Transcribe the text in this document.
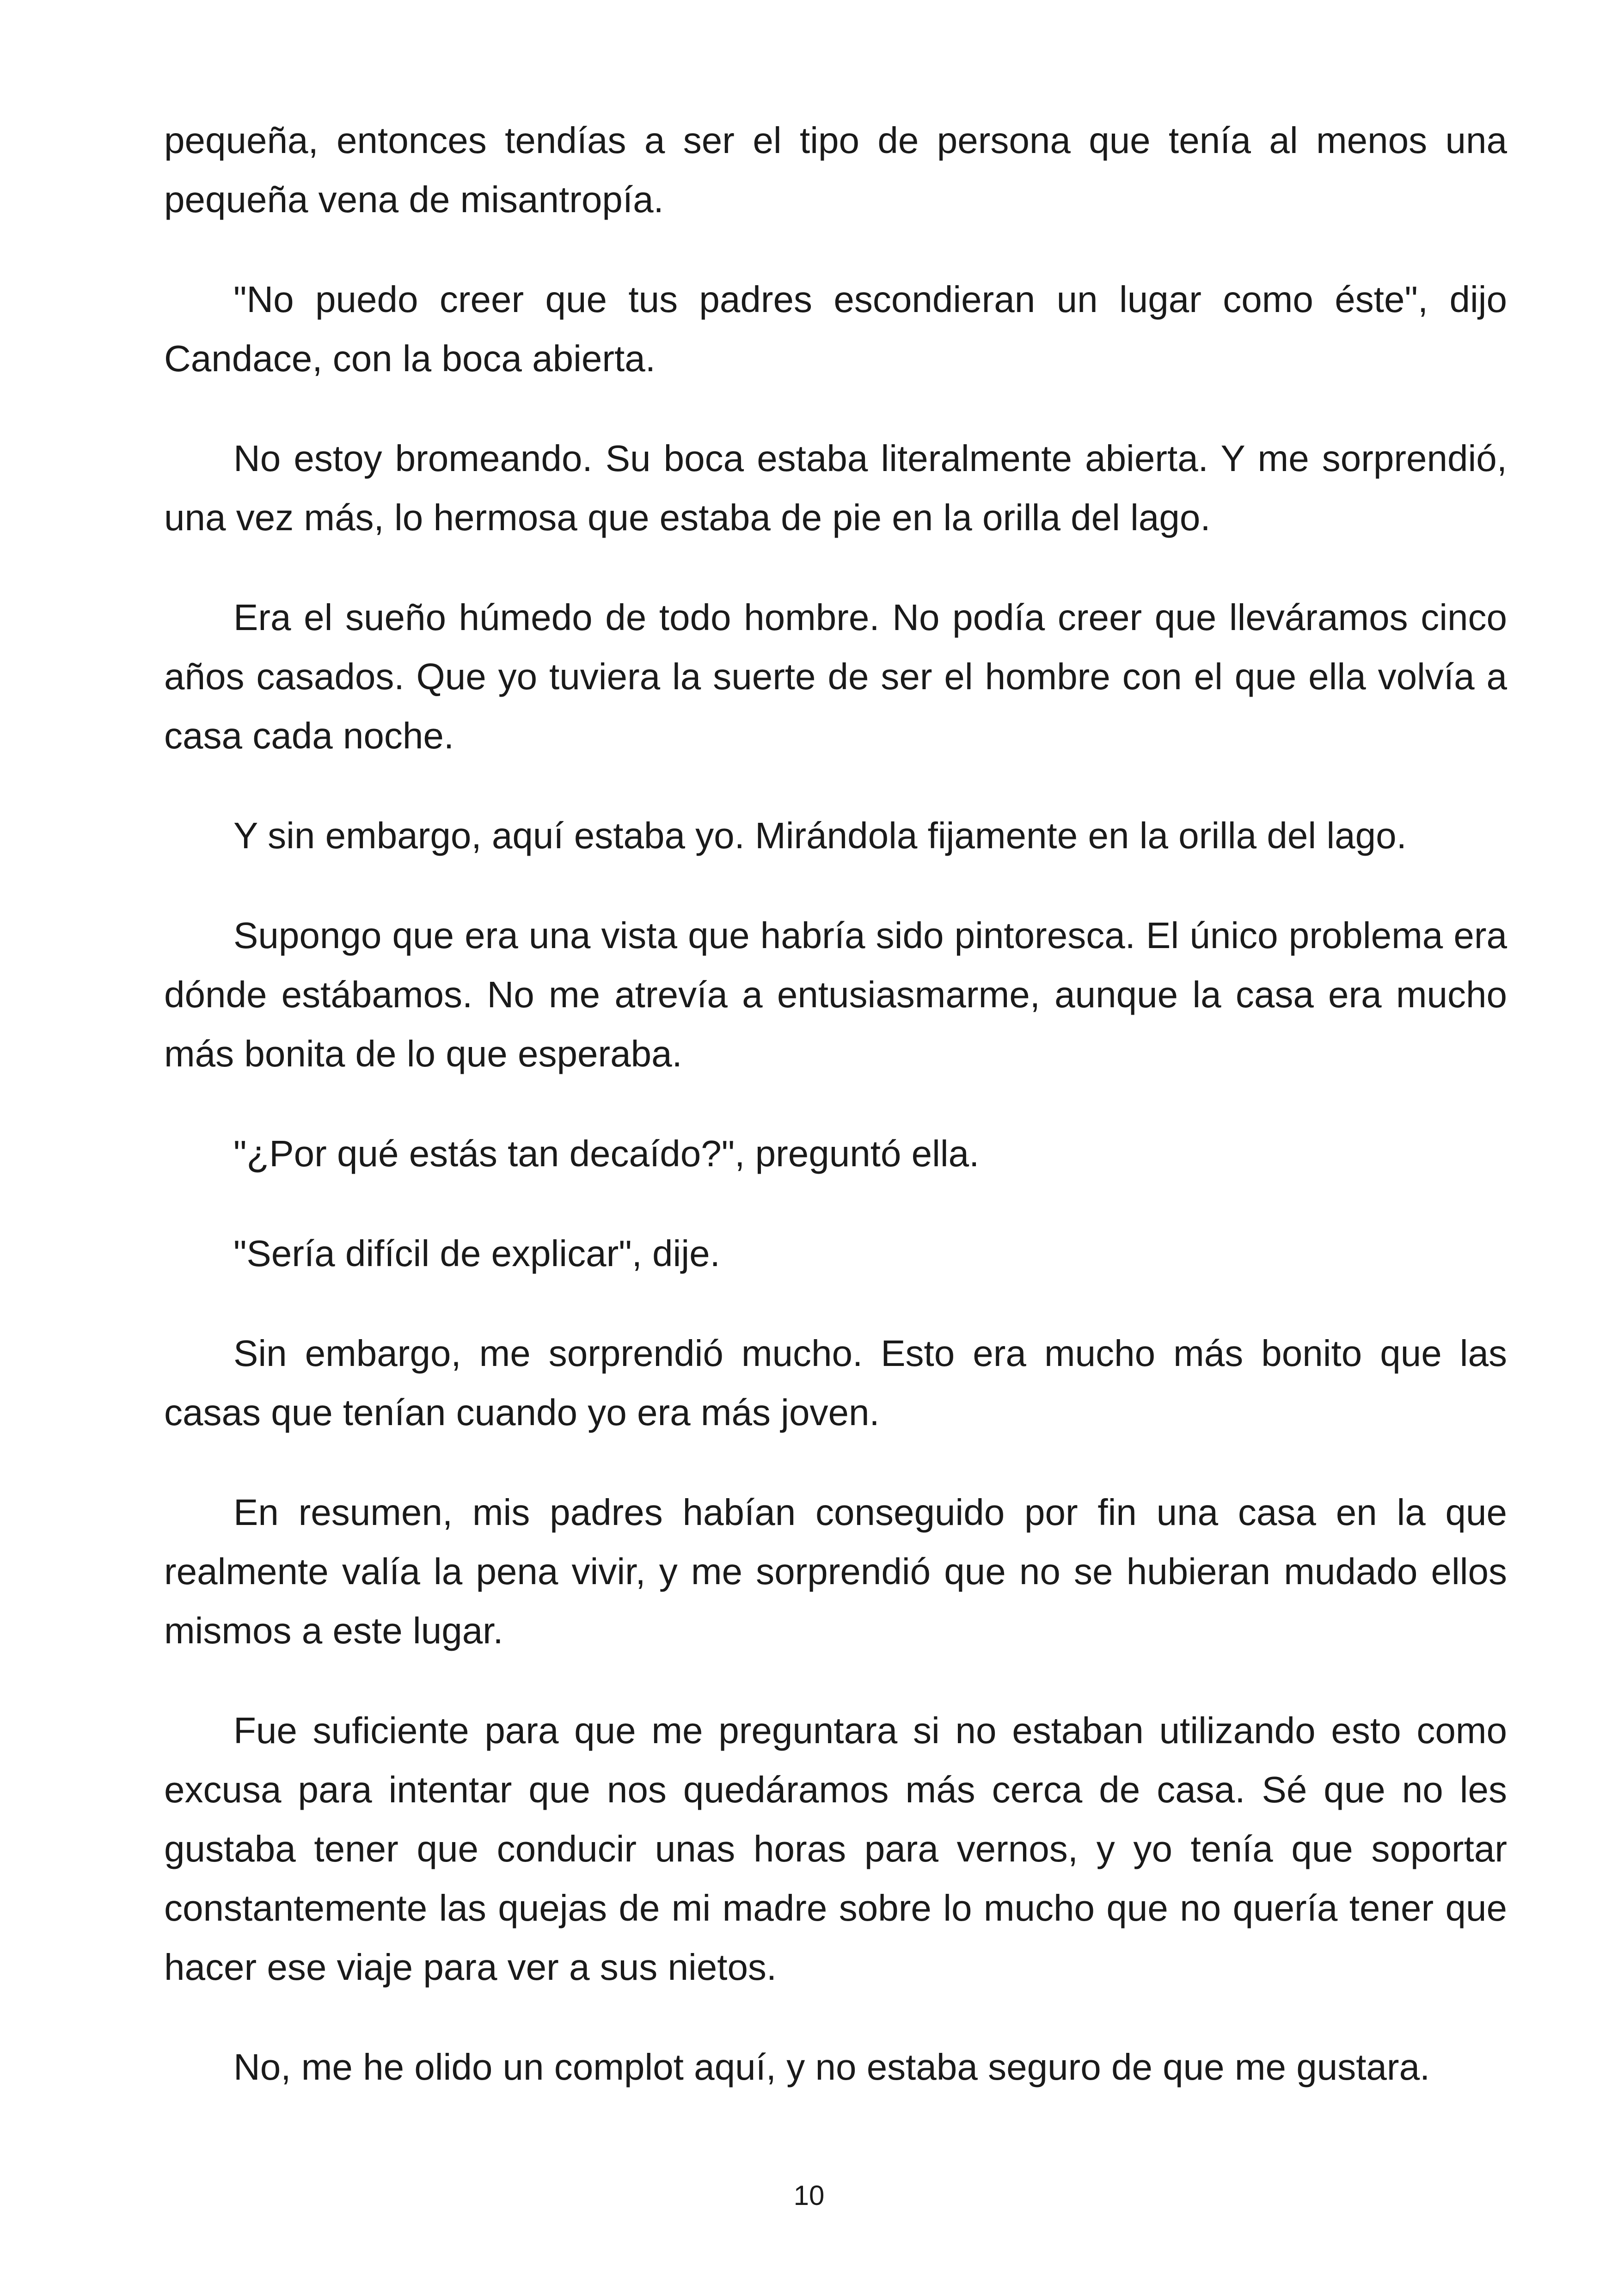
pequeña, entonces tendías a ser el tipo de persona que tenía al menos una pequeña vena de misantropía.

"No puedo creer que tus padres escondieran un lugar como éste", dijo Candace, con la boca abierta.

No estoy bromeando. Su boca estaba literalmente abierta. Y me sorprendió, una vez más, lo hermosa que estaba de pie en la orilla del lago.

Era el sueño húmedo de todo hombre. No podía creer que lleváramos cinco años casados. Que yo tuviera la suerte de ser el hombre con el que ella volvía a casa cada noche.

Y sin embargo, aquí estaba yo. Mirándola fijamente en la orilla del lago.

Supongo que era una vista que habría sido pintoresca. El único problema era dónde estábamos. No me atrevía a entusiasmarme, aunque la casa era mucho más bonita de lo que esperaba.

"¿Por qué estás tan decaído?", preguntó ella.

"Sería difícil de explicar", dije.

Sin embargo, me sorprendió mucho. Esto era mucho más bonito que las casas que tenían cuando yo era más joven.

En resumen, mis padres habían conseguido por fin una casa en la que realmente valía la pena vivir, y me sorprendió que no se hubieran mudado ellos mismos a este lugar.

Fue suficiente para que me preguntara si no estaban utilizando esto como excusa para intentar que nos quedáramos más cerca de casa. Sé que no les gustaba tener que conducir unas horas para vernos, y yo tenía que soportar constantemente las quejas de mi madre sobre lo mucho que no quería tener que hacer ese viaje para ver a sus nietos.

No, me he olido un complot aquí, y no estaba seguro de que me gustara.

10
